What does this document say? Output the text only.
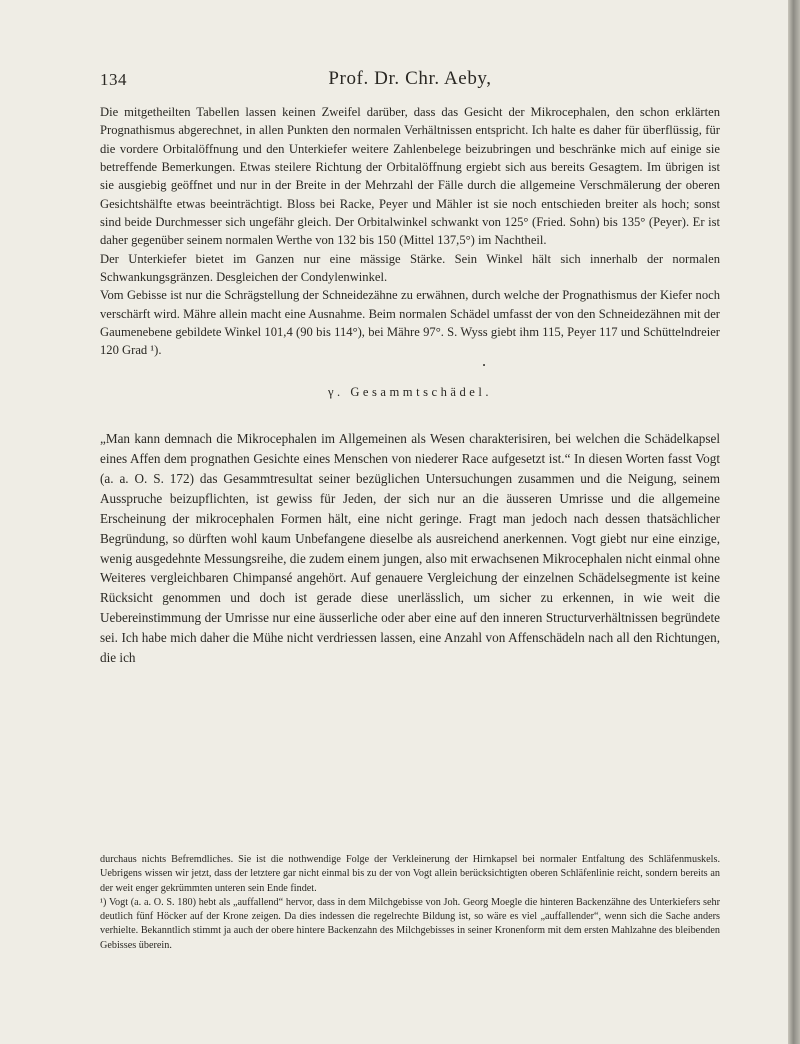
134	Prof. Dr. Chr. Aeby,

Die mitgetheilten Tabellen lassen keinen Zweifel darüber, dass das Gesicht der Mikrocephalen, den schon erklärten Prognathismus abgerechnet, in allen Punkten den normalen Verhältnissen entspricht. Ich halte es daher für überflüssig, für die vordere Orbitalöffnung und den Unterkiefer weitere Zahlenbelege beizubringen und beschränke mich auf einige sie betreffende Bemerkungen. Etwas steilere Richtung der Orbitalöffnung ergiebt sich aus bereits Gesagtem. Im übrigen ist sie ausgiebig geöffnet und nur in der Breite in der Mehrzahl der Fälle durch die allgemeine Verschmälerung der oberen Gesichtshälfte etwas beeinträchtigt. Bloss bei Racke, Peyer und Mähler ist sie noch entschieden breiter als hoch; sonst sind beide Durchmesser sich ungefähr gleich. Der Orbitalwinkel schwankt von 125° (Fried. Sohn) bis 135° (Peyer). Er ist daher gegenüber seinem normalen Werthe von 132 bis 150 (Mittel 137,5°) im Nachtheil.

Der Unterkiefer bietet im Ganzen nur eine mässige Stärke. Sein Winkel hält sich innerhalb der normalen Schwankungsgränzen. Desgleichen der Condylenwinkel.

Vom Gebisse ist nur die Schrägstellung der Schneidezähne zu erwähnen, durch welche der Prognathismus der Kiefer noch verschärft wird. Mähre allein macht eine Ausnahme. Beim normalen Schädel umfasst der von den Schneidezähnen mit der Gaumenebene gebildete Winkel 101,4 (90 bis 114°), bei Mähre 97°. S. Wyss giebt ihm 115, Peyer 117 und Schüttelndreier 120 Grad ¹).

•
γ. Gesammtschädel.

„Man kann demnach die Mikrocephalen im Allgemeinen als Wesen charakterisiren, bei welchen die Schädelkapsel eines Affen dem prognathen Gesichte eines Menschen von niederer Race aufgesetzt ist.“ In diesen Worten fasst Vogt (a. a. O. S. 172) das Gesammtresultat seiner bezüglichen Untersuchungen zusammen und die Neigung, seinem Ausspruche beizupflichten, ist gewiss für Jeden, der sich nur an die äusseren Umrisse und die allgemeine Erscheinung der mikrocephalen Formen hält, eine nicht geringe. Fragt man jedoch nach dessen thatsächlicher Begründung, so dürften wohl kaum Unbefangene dieselbe als ausreichend anerkennen. Vogt giebt nur eine einzige, wenig ausgedehnte Messungsreihe, die zudem einem jungen, also mit erwachsenen Mikrocephalen nicht einmal ohne Weiteres vergleichbaren Chimpansé angehört. Auf genauere Vergleichung der einzelnen Schädelsegmente ist keine Rücksicht genommen und doch ist gerade diese unerlässlich, um sicher zu erkennen, in wie weit die Uebereinstimmung der Umrisse nur eine äusserliche oder aber eine auf den inneren Structurverhältnissen begründete sei. Ich habe mich daher die Mühe nicht verdriessen lassen, eine Anzahl von Affenschädeln nach all den Richtungen, die ich

durchaus nichts Befremdliches. Sie ist die nothwendige Folge der Verkleinerung der Hirnkapsel bei normaler Entfaltung des Schläfenmuskels. Uebrigens wissen wir jetzt, dass der letztere gar nicht einmal bis zu der von Vogt allein berücksichtigten oberen Schläfenlinie reicht, sondern bereits an der weit enger gekrümmten unteren sein Ende findet.

¹) Vogt (a. a. O. S. 180) hebt als „auffallend“ hervor, dass in dem Milchgebisse von Joh. Georg Moegle die hinteren Backenzähne des Unterkiefers sehr deutlich fünf Höcker auf der Krone zeigen. Da dies indessen die regelrechte Bildung ist, so wäre es viel „auffallender“, wenn sich die Sache anders verhielte. Bekanntlich stimmt ja auch der obere hintere Backenzahn des Milchgebisses in seiner Kronenform mit dem ersten Mahlzahne des bleibenden Gebisses überein.
